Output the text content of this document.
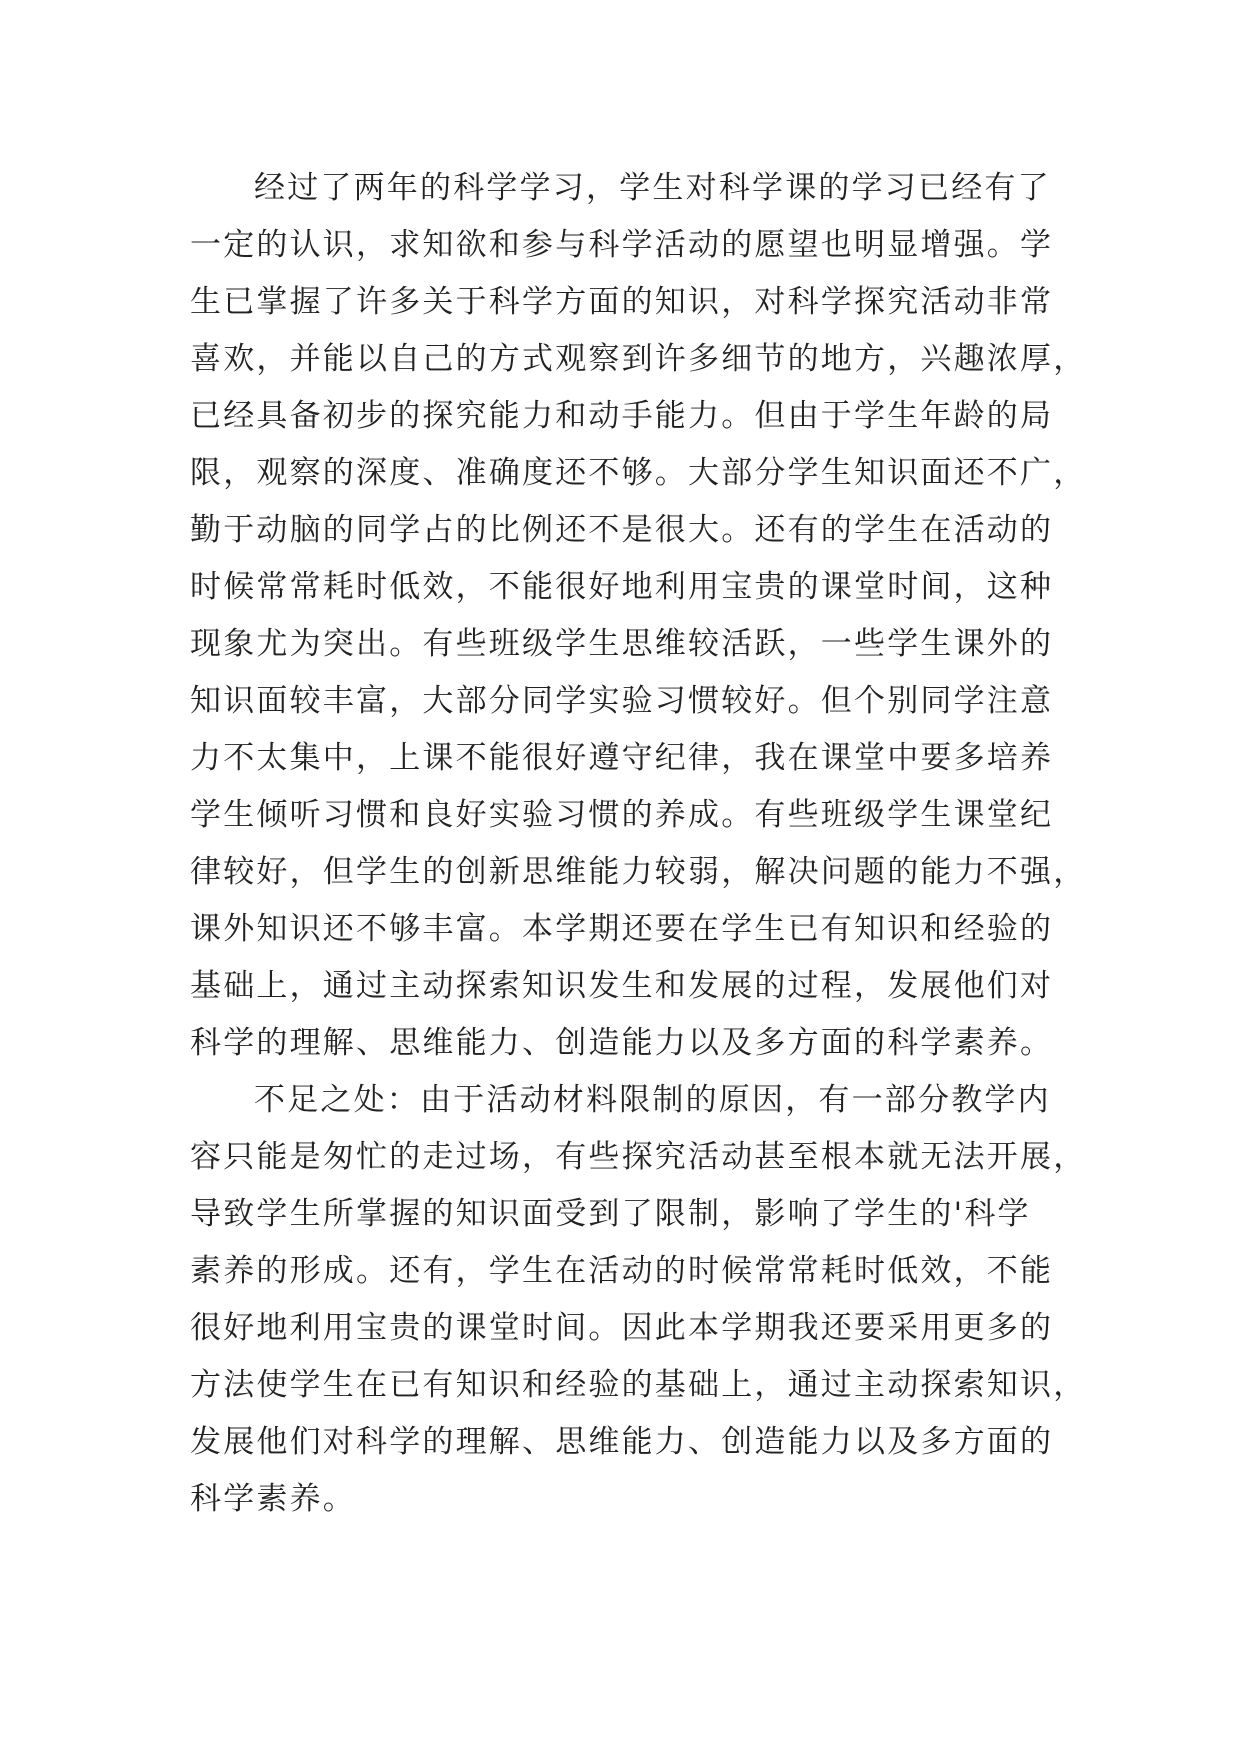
经过了两年的科学学习，学生对科学课的学习已经有了
一定的认识，求知欲和参与科学活动的愿望也明显增强。学
生已掌握了许多关于科学方面的知识，对科学探究活动非常
喜欢，并能以自己的方式观察到许多细节的地方，兴趣浓厚，
已经具备初步的探究能力和动手能力。但由于学生年龄的局
限，观察的深度、准确度还不够。大部分学生知识面还不广，
勤于动脑的同学占的比例还不是很大。还有的学生在活动的
时候常常耗时低效，不能很好地利用宝贵的课堂时间，这种
现象尤为突出。有些班级学生思维较活跃，一些学生课外的
知识面较丰富，大部分同学实验习惯较好。但个别同学注意
力不太集中，上课不能很好遵守纪律，我在课堂中要多培养
学生倾听习惯和良好实验习惯的养成。有些班级学生课堂纪
律较好，但学生的创新思维能力较弱，解决问题的能力不强，
课外知识还不够丰富。本学期还要在学生已有知识和经验的
基础上，通过主动探索知识发生和发展的过程，发展他们对
科学的理解、思维能力、创造能力以及多方面的科学素养。
不足之处：由于活动材料限制的原因，有一部分教学内
容只能是匆忙的走过场，有些探究活动甚至根本就无法开展，
导致学生所掌握的知识面受到了限制，影响了学生的'科学
素养的形成。还有，学生在活动的时候常常耗时低效，不能
很好地利用宝贵的课堂时间。因此本学期我还要采用更多的
方法使学生在已有知识和经验的基础上，通过主动探索知识，
发展他们对科学的理解、思维能力、创造能力以及多方面的
科学素养。
